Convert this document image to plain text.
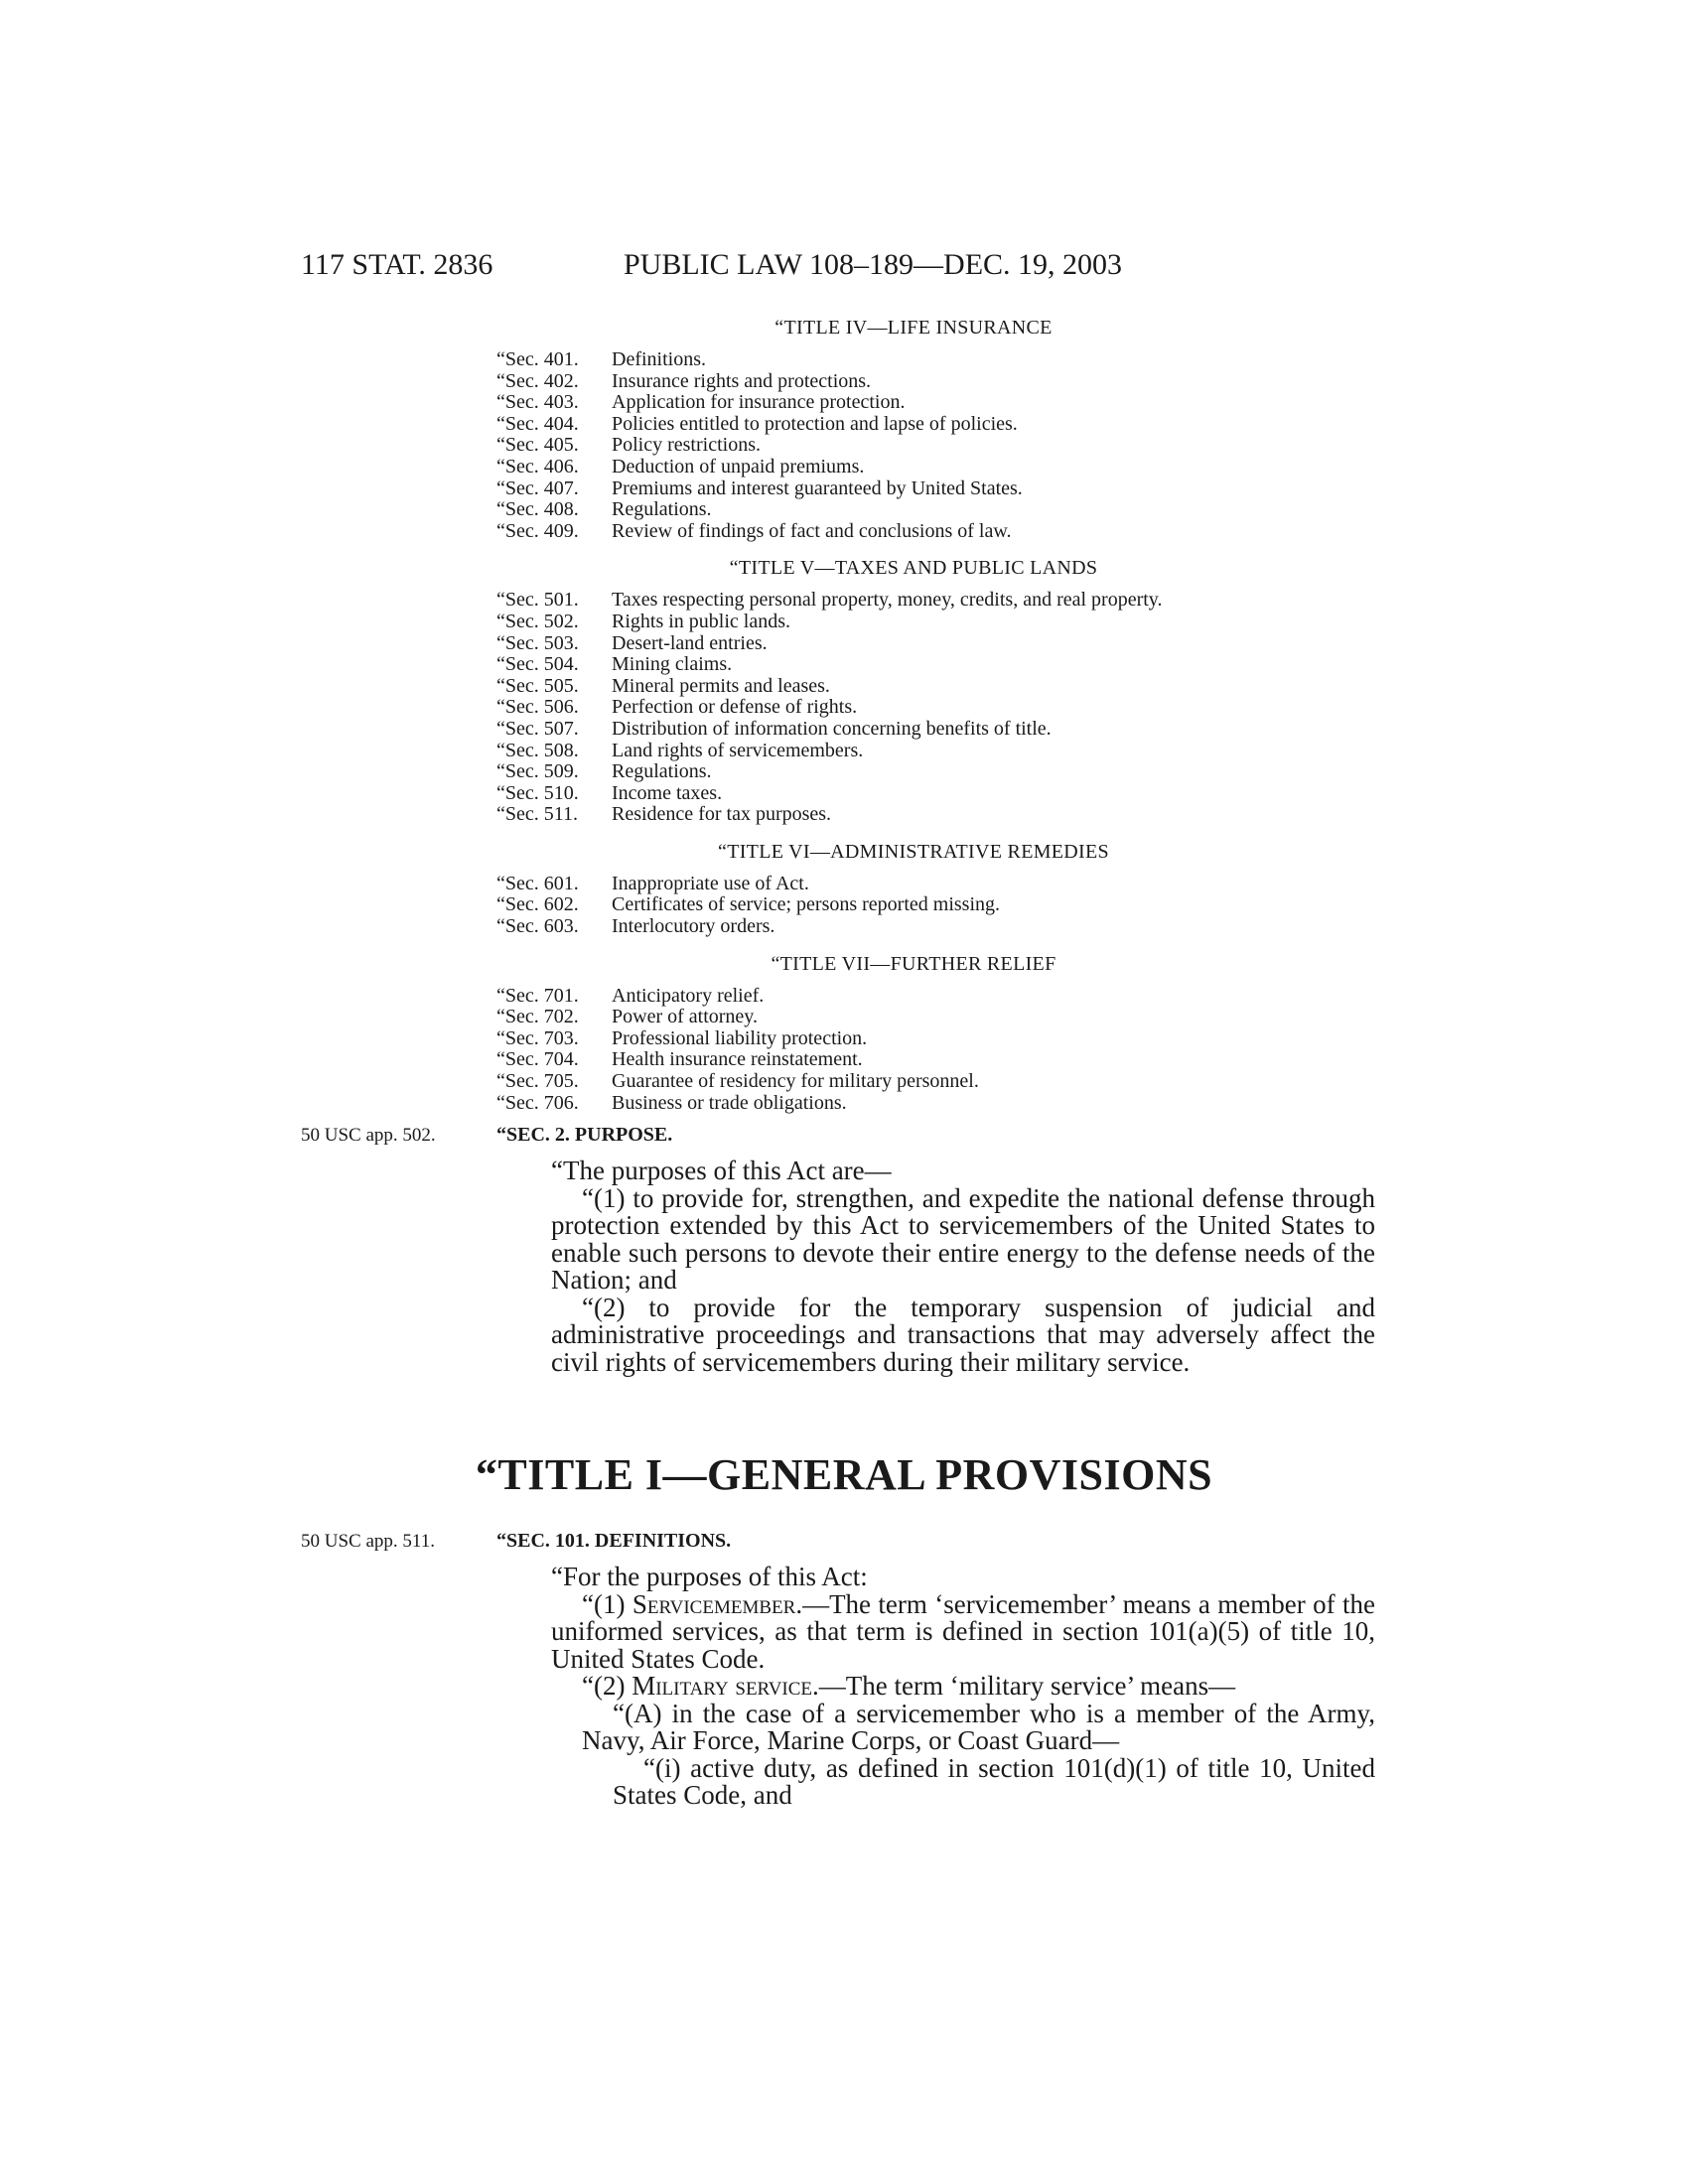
117 STAT. 2836	PUBLIC LAW 108–189—DEC. 19, 2003
“TITLE IV—LIFE INSURANCE
“Sec. 401. Definitions.
“Sec. 402. Insurance rights and protections.
“Sec. 403. Application for insurance protection.
“Sec. 404. Policies entitled to protection and lapse of policies.
“Sec. 405. Policy restrictions.
“Sec. 406. Deduction of unpaid premiums.
“Sec. 407. Premiums and interest guaranteed by United States.
“Sec. 408. Regulations.
“Sec. 409. Review of findings of fact and conclusions of law.
“TITLE V—TAXES AND PUBLIC LANDS
“Sec. 501. Taxes respecting personal property, money, credits, and real property.
“Sec. 502. Rights in public lands.
“Sec. 503. Desert-land entries.
“Sec. 504. Mining claims.
“Sec. 505. Mineral permits and leases.
“Sec. 506. Perfection or defense of rights.
“Sec. 507. Distribution of information concerning benefits of title.
“Sec. 508. Land rights of servicemembers.
“Sec. 509. Regulations.
“Sec. 510. Income taxes.
“Sec. 511. Residence for tax purposes.
“TITLE VI—ADMINISTRATIVE REMEDIES
“Sec. 601. Inappropriate use of Act.
“Sec. 602. Certificates of service; persons reported missing.
“Sec. 603. Interlocutory orders.
“TITLE VII—FURTHER RELIEF
“Sec. 701. Anticipatory relief.
“Sec. 702. Power of attorney.
“Sec. 703. Professional liability protection.
“Sec. 704. Health insurance reinstatement.
“Sec. 705. Guarantee of residency for military personnel.
“Sec. 706. Business or trade obligations.
50 USC app. 502.	“SEC. 2. PURPOSE.

“The purposes of this Act are—

“(1) to provide for, strengthen, and expedite the national defense through protection extended by this Act to servicemembers of the United States to enable such persons to devote their entire energy to the defense needs of the Nation; and

“(2) to provide for the temporary suspension of judicial and administrative proceedings and transactions that may adversely affect the civil rights of servicemembers during their military service.

“TITLE I—GENERAL PROVISIONS
50 USC app. 511.	“SEC. 101. DEFINITIONS.

“For the purposes of this Act:

“(1) Servicemember.—The term ‘servicemember’ means a member of the uniformed services, as that term is defined in section 101(a)(5) of title 10, United States Code.

“(2) Military service.—The term ‘military service’ means—

“(A) in the case of a servicemember who is a member of the Army, Navy, Air Force, Marine Corps, or Coast Guard—

“(i) active duty, as defined in section 101(d)(1) of title 10, United States Code, and
